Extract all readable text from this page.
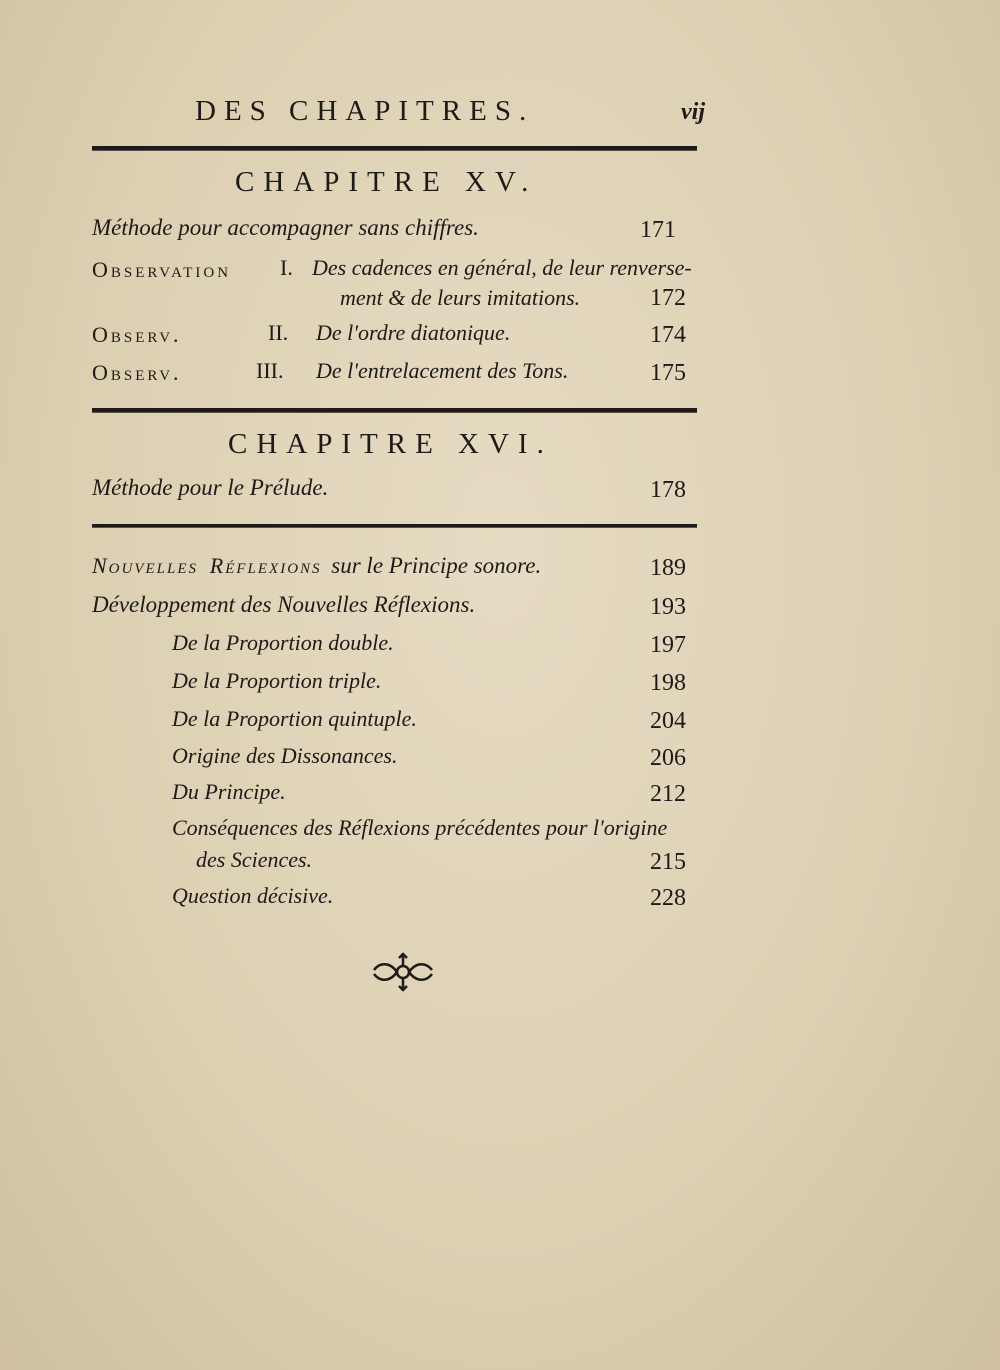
DES CHAPITRES.	vij
CHAPITRE XV.
Méthode pour accompagner sans chiffres.	171
Observation I. Des cadences en général, de leur renverse-
ment & de leurs imitations.	172
Observ.	II. De l'ordre diatonique.	174
Observ.	III. De l'entrelacement des Tons.	175
CHAPITRE XVI.
Méthode pour le Prélude.	178
Nouvelles Réflexions sur le Principe sonore.	189
Développement des Nouvelles Réflexions.	193
De la Proportion double.	197
De la Proportion triple.	198
De la Proportion quintuple.	204
Origine des Dissonances.	206
Du Principe.	212
Conséquences des Réflexions précédentes pour l'origine
des Sciences.	215
Question décisive.	228
